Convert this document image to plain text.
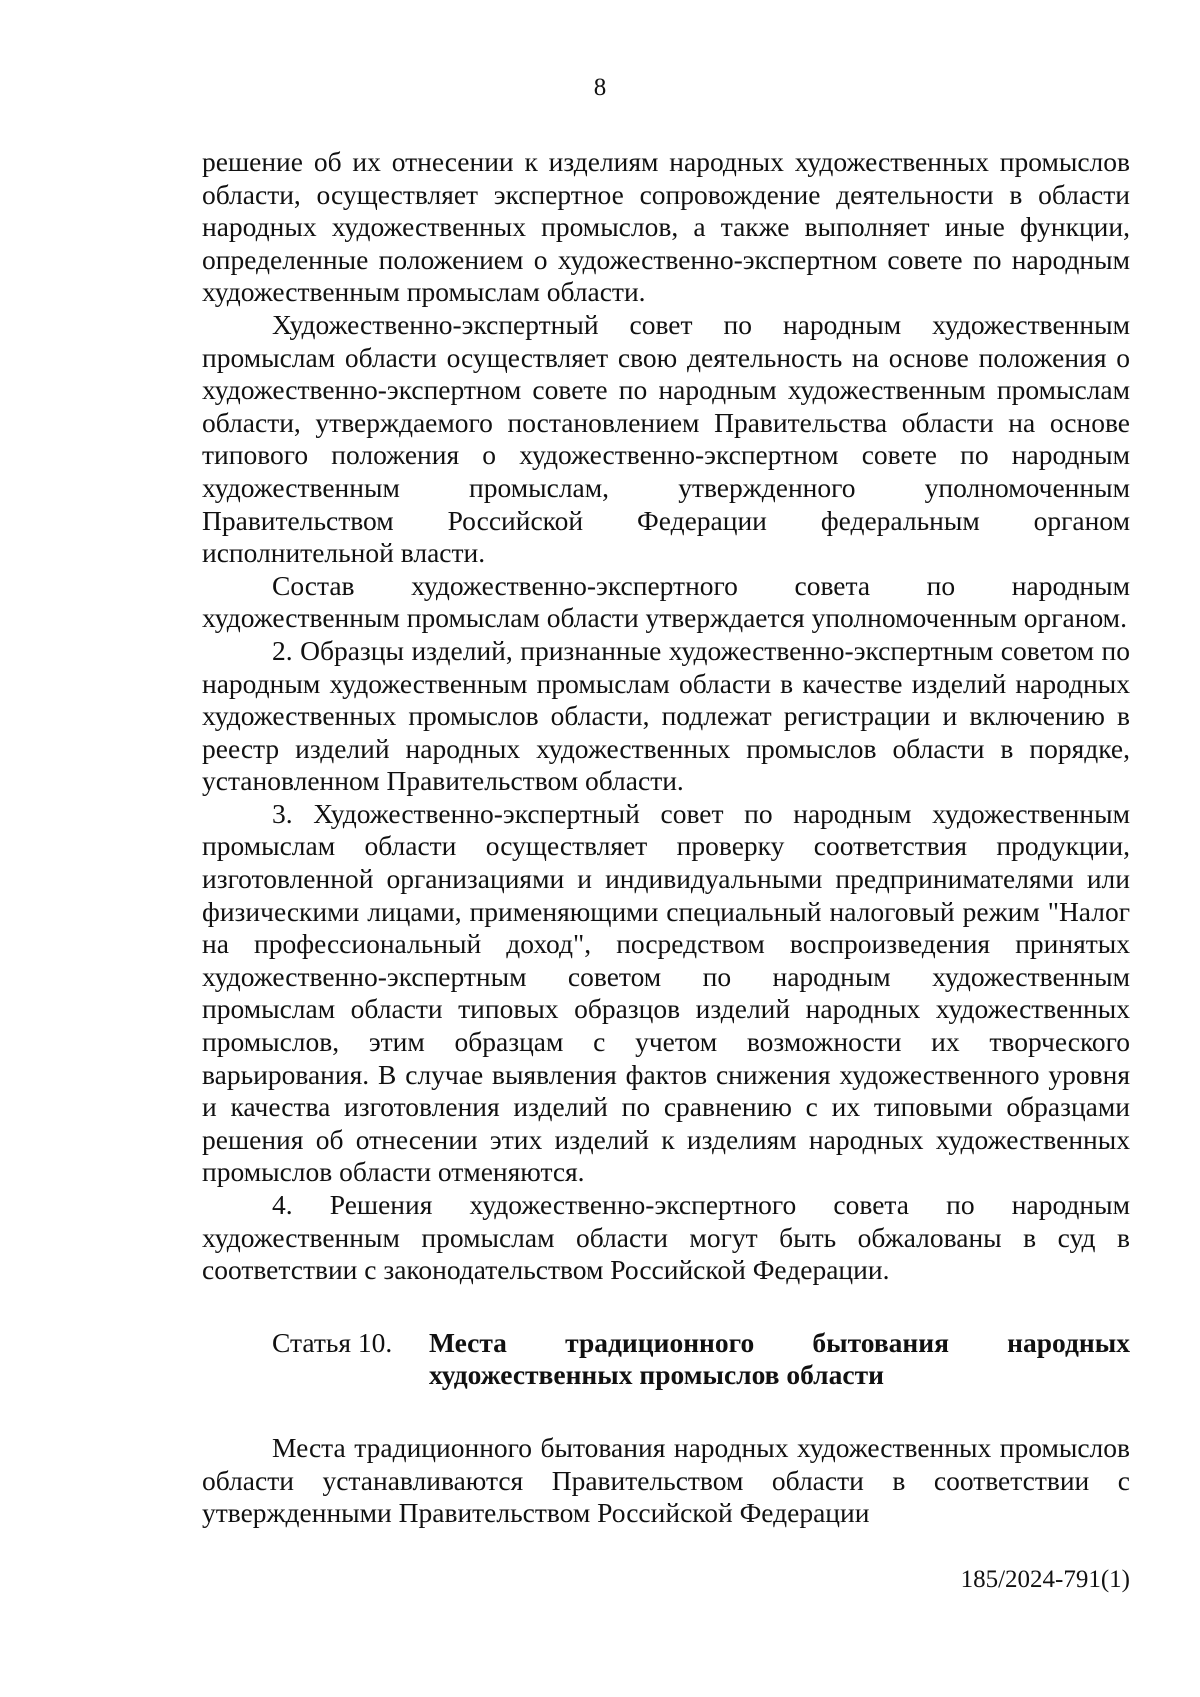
8

решение об их отнесении к изделиям народных художественных промыслов области, осуществляет экспертное сопровождение деятельности в области народных художественных промыслов, а также выполняет иные функции, определенные положением о художественно-экспертном совете по народным художественным промыслам области.

Художественно-экспертный совет по народным художественным промыслам области осуществляет свою деятельность на основе положения о художественно-экспертном совете по народным художественным промыслам области, утверждаемого постановлением Правительства области на основе типового положения о художественно-экспертном совете по народным художественным промыслам, утвержденного уполномоченным Правительством Российской Федерации федеральным органом исполнительной власти.

Состав художественно-экспертного совета по народным художественным промыслам области утверждается уполномоченным органом.

2. Образцы изделий, признанные художественно-экспертным советом по народным художественным промыслам области в качестве изделий народных художественных промыслов области, подлежат регистрации и включению в реестр изделий народных художественных промыслов области в порядке, установленном Правительством области.

3. Художественно-экспертный совет по народным художественным промыслам области осуществляет проверку соответствия продукции, изготовленной организациями и индивидуальными предпринимателями или физическими лицами, применяющими специальный налоговый режим "Налог на профессиональный доход", посредством воспроизведения принятых художественно-экспертным советом по народным художественным промыслам области типовых образцов изделий народных художественных промыслов, этим образцам с учетом возможности их творческого варьирования. В случае выявления фактов снижения художественного уровня и качества изготовления изделий по сравнению с их типовыми образцами решения об отнесении этих изделий к изделиям народных художественных промыслов области отменяются.

4. Решения художественно-экспертного совета по народным художественным промыслам области могут быть обжалованы в суд в соответствии с законодательством Российской Федерации.

Статья 10.	Места традиционного бытования народных художественных промыслов области

Места традиционного бытования народных художественных промыслов области устанавливаются Правительством области в соответствии с утвержденными Правительством Российской Федерации

185/2024-791(1)
